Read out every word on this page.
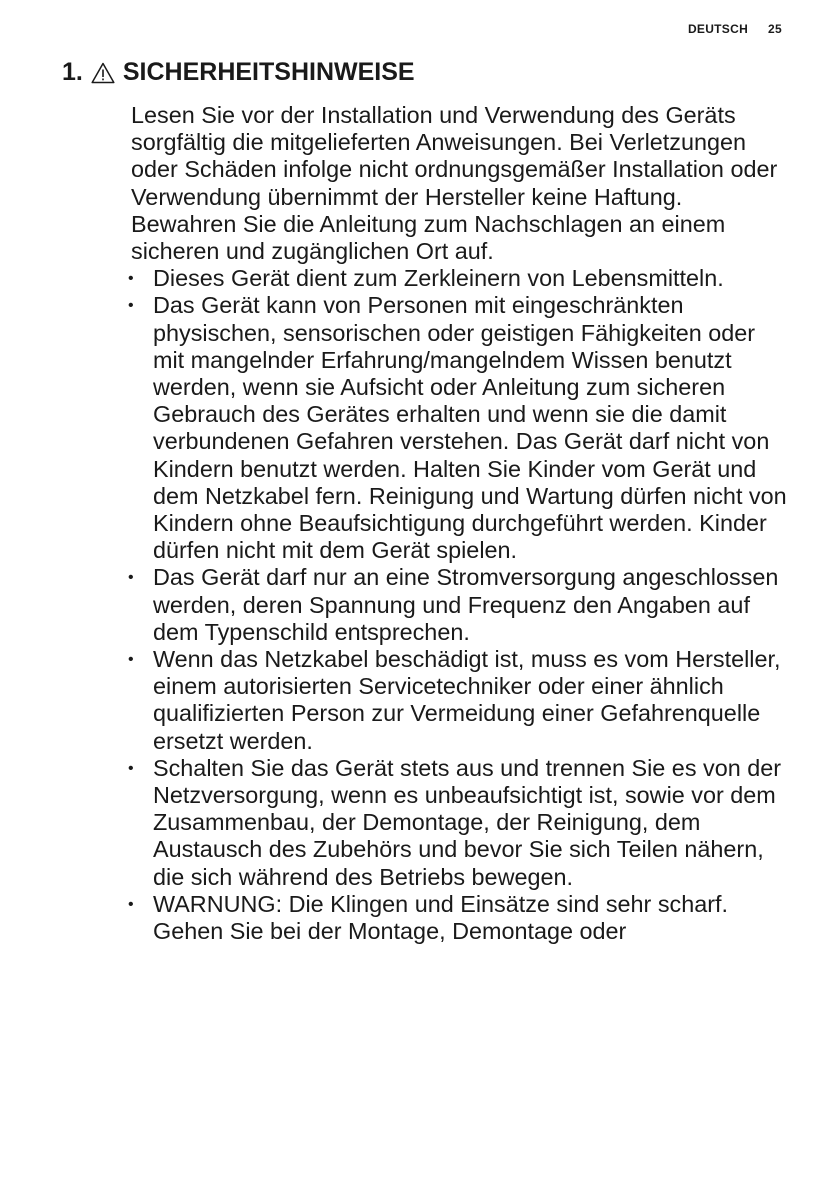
DEUTSCH 25
1. SICHERHEITSHINWEISE

Lesen Sie vor der Installation und Verwendung des Geräts sorgfältig die mitgelieferten Anweisungen. Bei Verletzungen oder Schäden infolge nicht ordnungsgemäßer Installation oder Verwendung übernimmt der Hersteller keine Haftung. Bewahren Sie die Anleitung zum Nachschlagen an einem sicheren und zugänglichen Ort auf.

• Dieses Gerät dient zum Zerkleinern von Lebensmitteln.
• Das Gerät kann von Personen mit eingeschränkten physischen, sensorischen oder geistigen Fähigkeiten oder mit mangelnder Erfahrung/mangelndem Wissen benutzt werden, wenn sie Aufsicht oder Anleitung zum sicheren Gebrauch des Gerätes erhalten und wenn sie die damit verbundenen Gefahren verstehen. Das Gerät darf nicht von Kindern benutzt werden. Halten Sie Kinder vom Gerät und dem Netzkabel fern. Reinigung und Wartung dürfen nicht von Kindern ohne Beaufsichtigung durchgeführt werden. Kinder dürfen nicht mit dem Gerät spielen.
• Das Gerät darf nur an eine Stromversorgung angeschlossen werden, deren Spannung und Frequenz den Angaben auf dem Typenschild entsprechen.
• Wenn das Netzkabel beschädigt ist, muss es vom Hersteller, einem autorisierten Servicetechniker oder einer ähnlich qualifizierten Person zur Vermeidung einer Gefahrenquelle ersetzt werden.
• Schalten Sie das Gerät stets aus und trennen Sie es von der Netzversorgung, wenn es unbeaufsichtigt ist, sowie vor dem Zusammenbau, der Demontage, der Reinigung, dem Austausch des Zubehörs und bevor Sie sich Teilen nähern, die sich während des Betriebs bewegen.
• WARNUNG: Die Klingen und Einsätze sind sehr scharf. Gehen Sie bei der Montage, Demontage oder
